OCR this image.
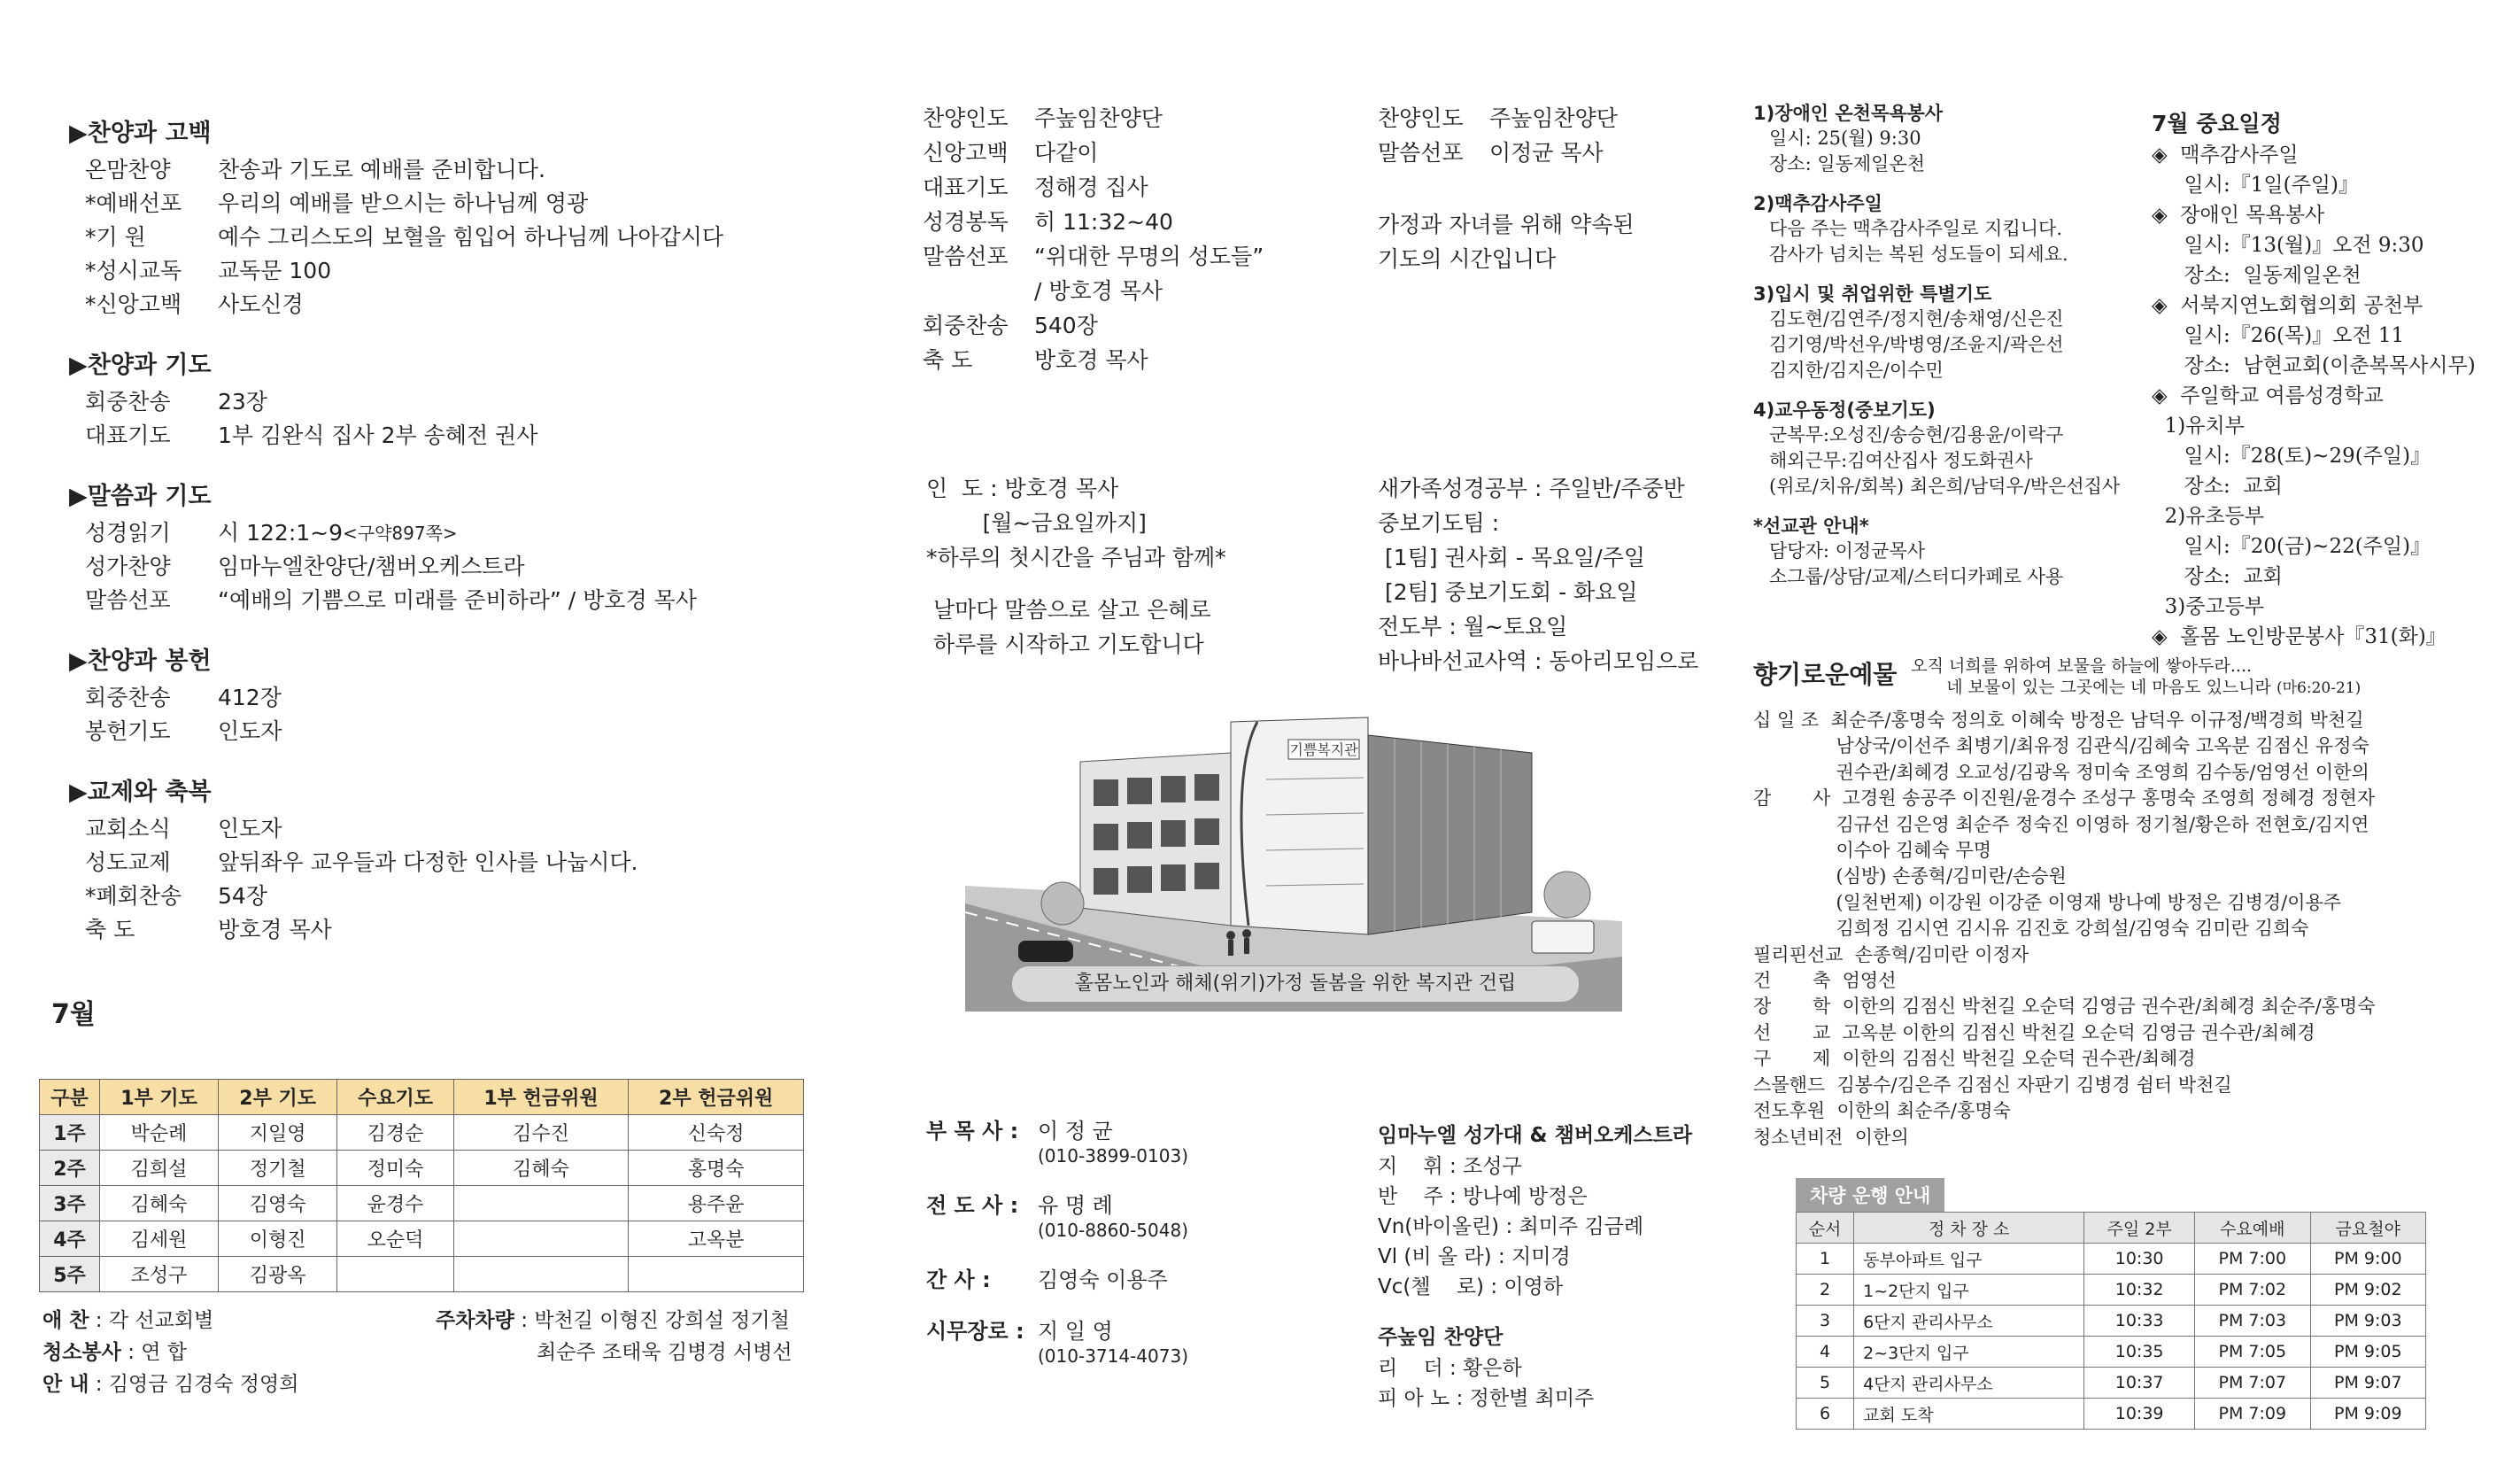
▶찬양과 고백
온맘찬양	찬송과 기도로 예배를 준비합니다.
*예배선포	우리의 예배를 받으시는 하나님께 영광
*기 원	예수 그리스도의 보혈을 힘입어 하나님께 나아갑시다
*성시교독	교독문 100
*신앙고백	사도신경
▶찬양과 기도
회중찬송	23장
대표기도	1부 김완식 집사 2부 송혜전 권사
▶말씀과 기도
성경읽기	시 122:1~9 <구약897쪽>
성가찬양	임마누엘찬양단/챔버오케스트라
말씀선포	“예배의 기쁨으로 미래를 준비하라” / 방호경 목사
▶찬양과 봉헌
회중찬송	412장
봉헌기도	인도자
▶교제와 축복
교회소식	인도자
성도교제	앞뒤좌우 교우들과 다정한 인사를 나눕시다.
*폐회찬송	54장
축 도	방호경 목사
7월
구분	1부 기도	2부 기도	수요기도	1부 헌금위원	2부 헌금위원
1주	박순례	지일영	김경순	김수진	신숙정
2주	김희설	정기철	정미숙	김혜숙	홍명숙
3주	김혜숙	김영숙	윤경수		용주윤
4주	김세원	이형진	오순덕		고옥분
5주	조성구	김광옥			
애 찬 : 각 선교회별
청소봉사 : 연 합
안 내 : 김영금 김경숙 정영희
주차차량 : 박천길 이형진 강희설 정기철
최순주 조태욱 김병경 서병선
찬양인도	주높임찬양단
신앙고백	다같이
대표기도	정해경 집사
성경봉독	히 11:32~40
말씀선포	“위대한 무명의 성도들”
/ 방호경 목사
회중찬송	540장
축 도	방호경 목사
인  도 : 방호경 목사
[월~금요일까지]
*하루의 첫시간을 주님과 함께*
날마다 말씀으로 살고 은혜로
하루를 시작하고 기도합니다
부 목 사 : 이 정 균
(010-3899-0103)
전 도 사 : 유 명 례
(010-8860-5048)
간 사 : 김영숙 이용주
시무장로 : 지 일 영
(010-3714-4073)
찬양인도	주높임찬양단
말씀선포	이정균 목사
가정과 자녀를 위해 약속된
기도의 시간입니다
새가족성경공부 : 주일반/주중반
중보기도팀 :
[1팀] 권사회 - 목요일/주일
[2팀] 중보기도회 - 화요일
전도부 : 월~토요일
바나바선교사역 : 동아리모임으로
임마누엘 성가대 & 챔버오케스트라
지    휘 : 조성구
반    주 : 방나예 방정은
Vn(바이올린) : 최미주 김금례
Vl (비 올 라) : 지미경
Vc(첼    로) : 이영하
주높임 찬양단
리    더 : 황은하
피 아 노 : 정한별 최미주
기쁨복지관
홀몸노인과 해체(위기)가정 돌봄을 위한 복지관 건립
1)장애인 온천목욕봉사
일시: 25(월) 9:30
장소: 일동제일온천
2)맥추감사주일
다음 주는 맥추감사주일로 지킵니다.
감사가 넘치는 복된 성도들이 되세요.
3)입시 및 취업위한 특별기도
김도현/김연주/정지현/송채영/신은진
김기영/박선우/박병영/조윤지/곽은선
김지한/김지은/이수민
4)교우동정(중보기도)
군복무:오성진/송승현/김용윤/이락구
해외근무:김여산집사 정도화권사
(위로/치유/회복) 최은희/남덕우/박은선집사
*선교관 안내*
담당자: 이정균목사
소그룹/상담/교제/스터디카페로 사용
7월 중요일정
◈  맥추감사주일
일시:『1일(주일)』
◈  장애인 목욕봉사
일시:『13(월)』오전 9:30
장소:  일동제일온천
◈  서북지연노회협의회 공천부
일시:『26(목)』오전 11
장소:  남현교회(이춘복목사시무)
◈  주일학교 여름성경학교
1)유치부
일시:『28(토)~29(주일)』
장소:  교회
2)유초등부
일시:『20(금)~22(주일)』
장소:  교회
3)중고등부
◈  홀몸 노인방문봉사『31(화)』
향기로운예물 오직 너희를 위하여 보물을 하늘에 쌓아두라....
네 보물이 있는 그곳에는 네 마음도 있느니라 (마6:20-21)
십 일 조  최순주/홍명숙 정의호 이혜숙 방정은 남덕우 이규정/백경희 박천길
남상국/이선주 최병기/최유정 김관식/김혜숙 고옥분 김점신 유정숙
권수관/최혜경 오교성/김광옥 정미숙 조영희 김수동/엄영선 이한의
감       사  고경원 송공주 이진원/윤경수 조성구 홍명숙 조영희 정혜경 정현자
김규선 김은영 최순주 정숙진 이영하 정기철/황은하 전현호/김지연
이수아 김혜숙 무명
(심방) 손종혁/김미란/손승원
(일천번제) 이강원 이강준 이영재 방나예 방정은 김병경/이용주
김희정 김시연 김시유 김진호 강희설/김영숙 김미란 김희숙
필리핀선교  손종혁/김미란 이정자
건       축  엄영선
장       학  이한의 김점신 박천길 오순덕 김영금 권수관/최혜경 최순주/홍명숙
선       교  고옥분 이한의 김점신 박천길 오순덕 김영금 권수관/최혜경
구       제  이한의 김점신 박천길 오순덕 권수관/최혜경
스몰핸드  김봉수/김은주 김점신 자판기 김병경 쉼터 박천길
전도후원  이한의 최순주/홍명숙
청소년비전  이한의
차량 운행 안내
순서	정 차 장 소	주일 2부	수요예배	금요철야
1	동부아파트 입구	10:30	PM 7:00	PM 9:00
2	1~2단지 입구	10:32	PM 7:02	PM 9:02
3	6단지 관리사무소	10:33	PM 7:03	PM 9:03
4	2~3단지 입구	10:35	PM 7:05	PM 9:05
5	4단지 관리사무소	10:37	PM 7:07	PM 9:07
6	교회 도착	10:39	PM 7:09	PM 9:09
